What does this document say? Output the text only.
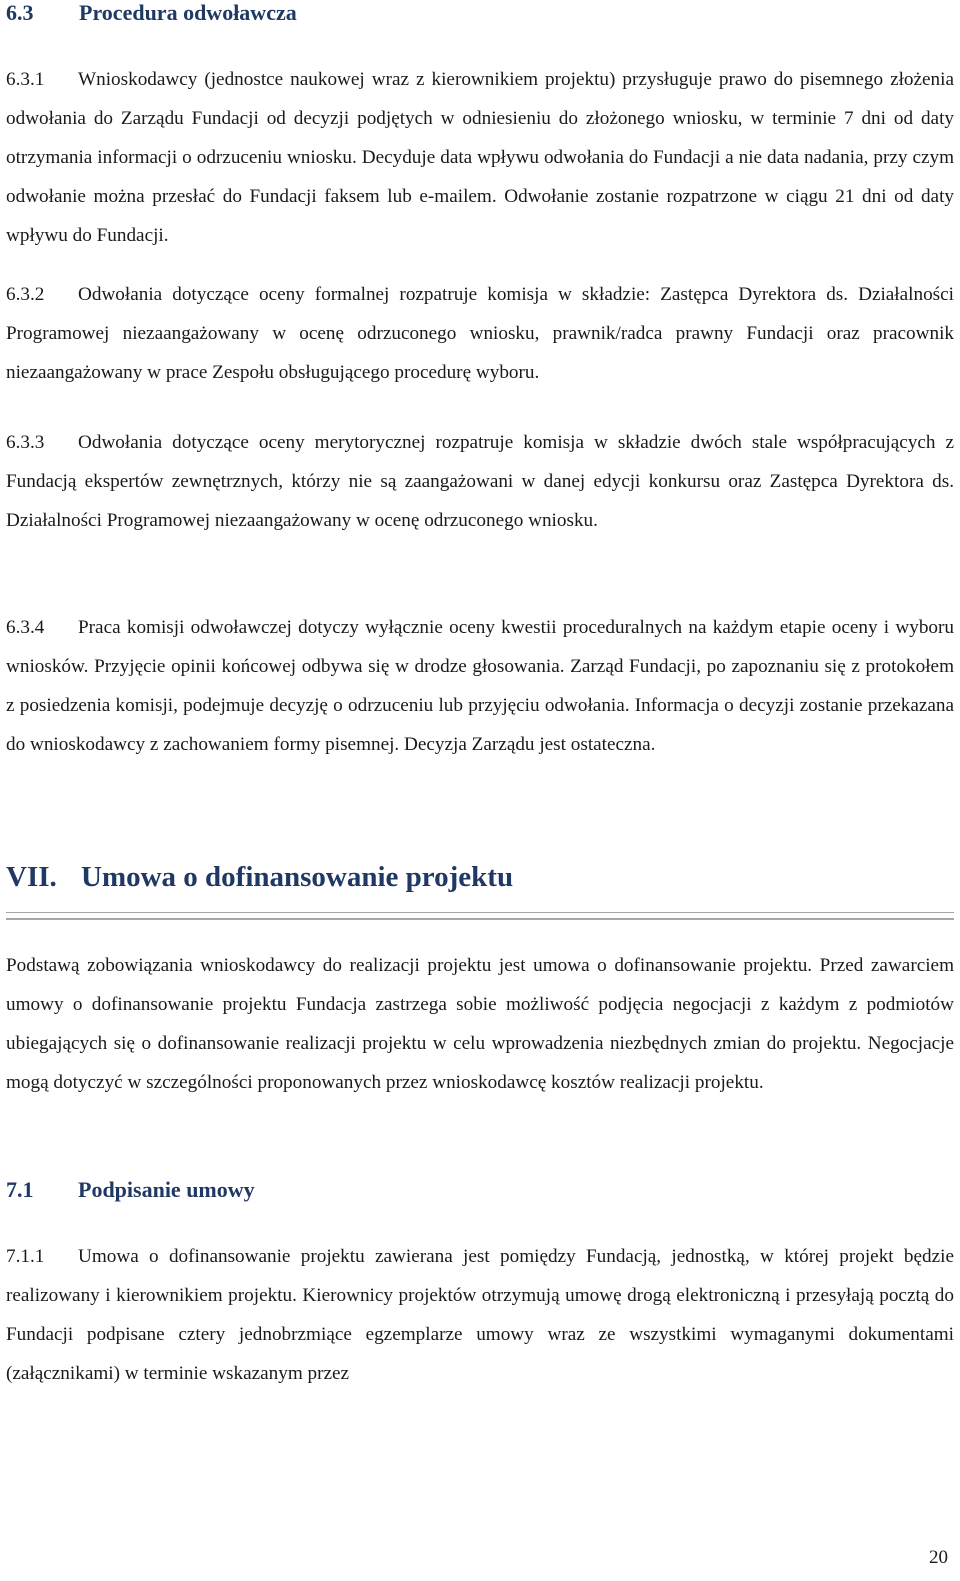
6.3 Procedura odwoławcza

6.3.1 Wnioskodawcy (jednostce naukowej wraz z kierownikiem projektu) przysługuje prawo do pisemnego złożenia odwołania do Zarządu Fundacji od decyzji podjętych w odniesieniu do złożonego wniosku, w terminie 7 dni od daty otrzymania informacji o odrzuceniu wniosku. Decyduje data wpływu odwołania do Fundacji a nie data nadania, przy czym odwołanie można przesłać do Fundacji faksem lub e-mailem. Odwołanie zostanie rozpatrzone w ciągu 21 dni od daty wpływu do Fundacji.

6.3.2 Odwołania dotyczące oceny formalnej rozpatruje komisja w składzie: Zastępca Dyrektora ds. Działalności Programowej niezaangażowany w ocenę odrzuconego wniosku, prawnik/radca prawny Fundacji oraz pracownik niezaangażowany w prace Zespołu obsługującego procedurę wyboru.

6.3.3 Odwołania dotyczące oceny merytorycznej rozpatruje komisja w składzie dwóch stale współpracujących z Fundacją ekspertów zewnętrznych, którzy nie są zaangażowani w danej edycji konkursu oraz Zastępca Dyrektora ds. Działalności Programowej niezaangażowany w ocenę odrzuconego wniosku.

6.3.4 Praca komisji odwoławczej dotyczy wyłącznie oceny kwestii proceduralnych na każdym etapie oceny i wyboru wniosków. Przyjęcie opinii końcowej odbywa się w drodze głosowania. Zarząd Fundacji, po zapoznaniu się z protokołem z posiedzenia komisji, podejmuje decyzję o odrzuceniu lub przyjęciu odwołania. Informacja o decyzji zostanie przekazana do wnioskodawcy z zachowaniem formy pisemnej. Decyzja Zarządu jest ostateczna.

VII. Umowa o dofinansowanie projektu

Podstawą zobowiązania wnioskodawcy do realizacji projektu jest umowa o dofinansowanie projektu. Przed zawarciem umowy o dofinansowanie projektu Fundacja zastrzega sobie możliwość podjęcia negocjacji z każdym z podmiotów ubiegających się o dofinansowanie realizacji projektu w celu wprowadzenia niezbędnych zmian do projektu. Negocjacje mogą dotyczyć w szczególności proponowanych przez wnioskodawcę kosztów realizacji projektu.

7.1 Podpisanie umowy

7.1.1 Umowa o dofinansowanie projektu zawierana jest pomiędzy Fundacją, jednostką, w której projekt będzie realizowany i kierownikiem projektu. Kierownicy projektów otrzymują umowę drogą elektroniczną i przesyłają pocztą do Fundacji podpisane cztery jednobrzmiące egzemplarze umowy wraz ze wszystkimi wymaganymi dokumentami (załącznikami) w terminie wskazanym przez

20
